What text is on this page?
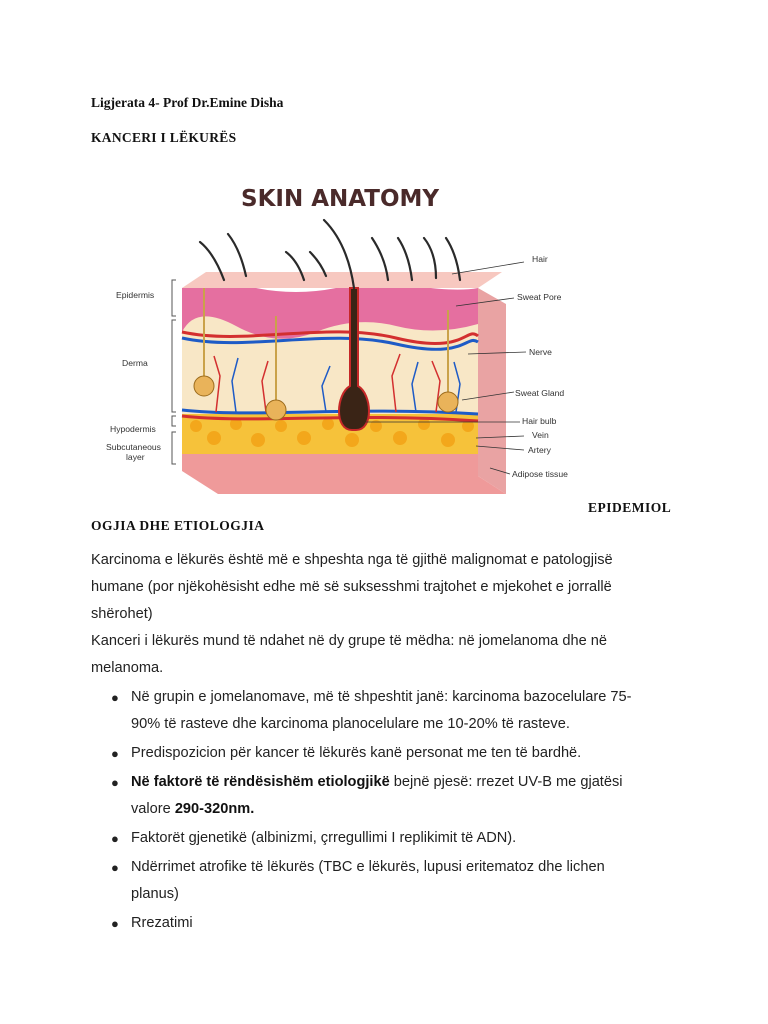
Ligjerata 4- Prof Dr.Emine Disha
KANCERI I LËKURËS
SKIN ANATOMY
Epidermis
Derma
Hypodermis
Subcutaneous
layer
Hair
Sweat Pore
Nerve
Sweat Gland
Hair bulb
Vein
Artery
Adipose tissue
EPIDEMIOL
OGJIA DHE ETIOLOGJIA
Karcinoma e lëkurës është më e shpeshta nga të gjithë malignomat e patologjisë
humane (por njëkohësisht edhe më së suksesshmi trajtohet e mjekohet e jorrallë
shërohet)
Kanceri i lëkurës mund të ndahet në dy grupe të mëdha: në jomelanoma dhe në
melanoma.
● Në grupin e jomelanomave, më të shpeshtit janë: karcinoma bazocelulare 75-
90% të rasteve dhe karcinoma planocelulare me 10-20% të rasteve.
● Predispozicion për kancer të lëkurës kanë personat me ten të bardhë.
● Në faktorë të rëndësishëm etiologjikë bejnë pjesë: rrezet UV-B me gjatësi
valore 290-320nm.
● Faktorët gjenetikë (albinizmi, çrregullimi I replikimit të ADN).
● Ndërrimet atrofike të lëkurës (TBC e lëkurës, lupusi eritematoz dhe lichen
planus)
● Rrezatimi
